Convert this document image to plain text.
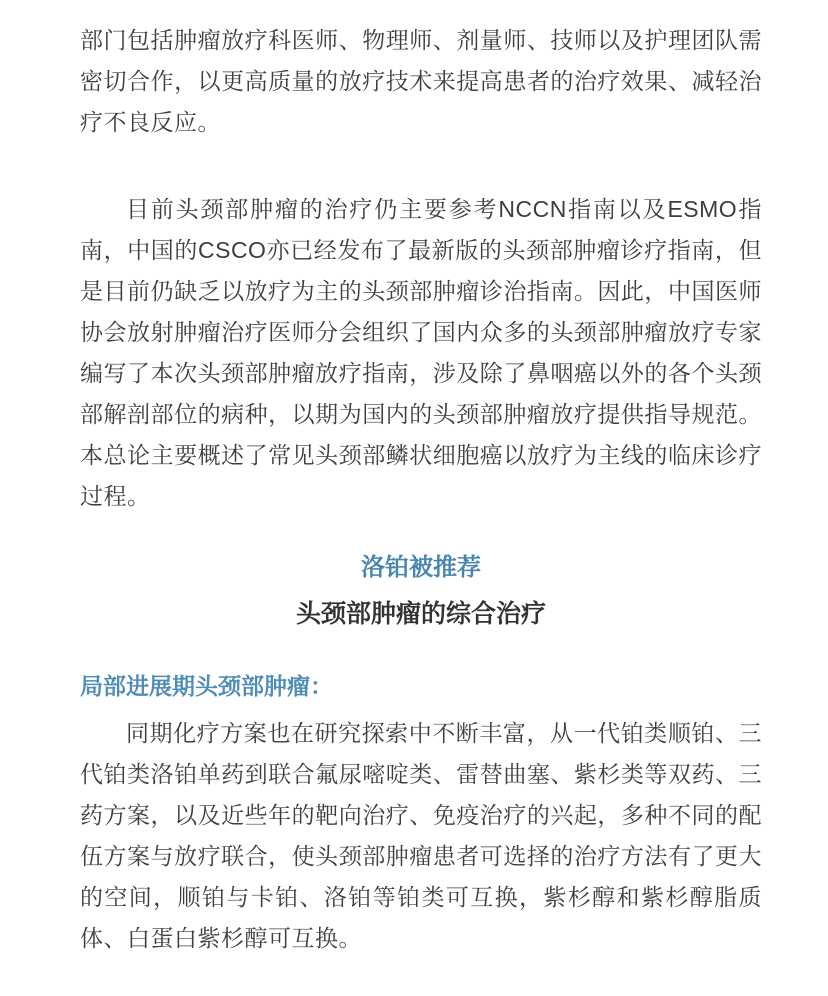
部门包括肿瘤放疗科医师、物理师、剂量师、技师以及护理团队需密切合作，以更高质量的放疗技术来提高患者的治疗效果、减轻治疗不良反应。

目前头颈部肿瘤的治疗仍主要参考NCCN指南以及ESMO指南，中国的CSCO亦已经发布了最新版的头颈部肿瘤诊疗指南，但是目前仍缺乏以放疗为主的头颈部肿瘤诊治指南。因此，中国医师协会放射肿瘤治疗医师分会组织了国内众多的头颈部肿瘤放疗专家编写了本次头颈部肿瘤放疗指南，涉及除了鼻咽癌以外的各个头颈部解剖部位的病种，以期为国内的头颈部肿瘤放疗提供指导规范。本总论主要概述了常见头颈部鳞状细胞癌以放疗为主线的临床诊疗过程。

洛铂被推荐
头颈部肿瘤的综合治疗
局部进展期头颈部肿瘤：

同期化疗方案也在研究探索中不断丰富，从一代铂类顺铂、三代铂类洛铂单药到联合氟尿嘧啶类、雷替曲塞、紫杉类等双药、三药方案，以及近些年的靶向治疗、免疫治疗的兴起，多种不同的配伍方案与放疗联合，使头颈部肿瘤患者可选择的治疗方法有了更大的空间，顺铂与卡铂、洛铂等铂类可互换，紫杉醇和紫杉醇脂质体、白蛋白紫杉醇可互换。
